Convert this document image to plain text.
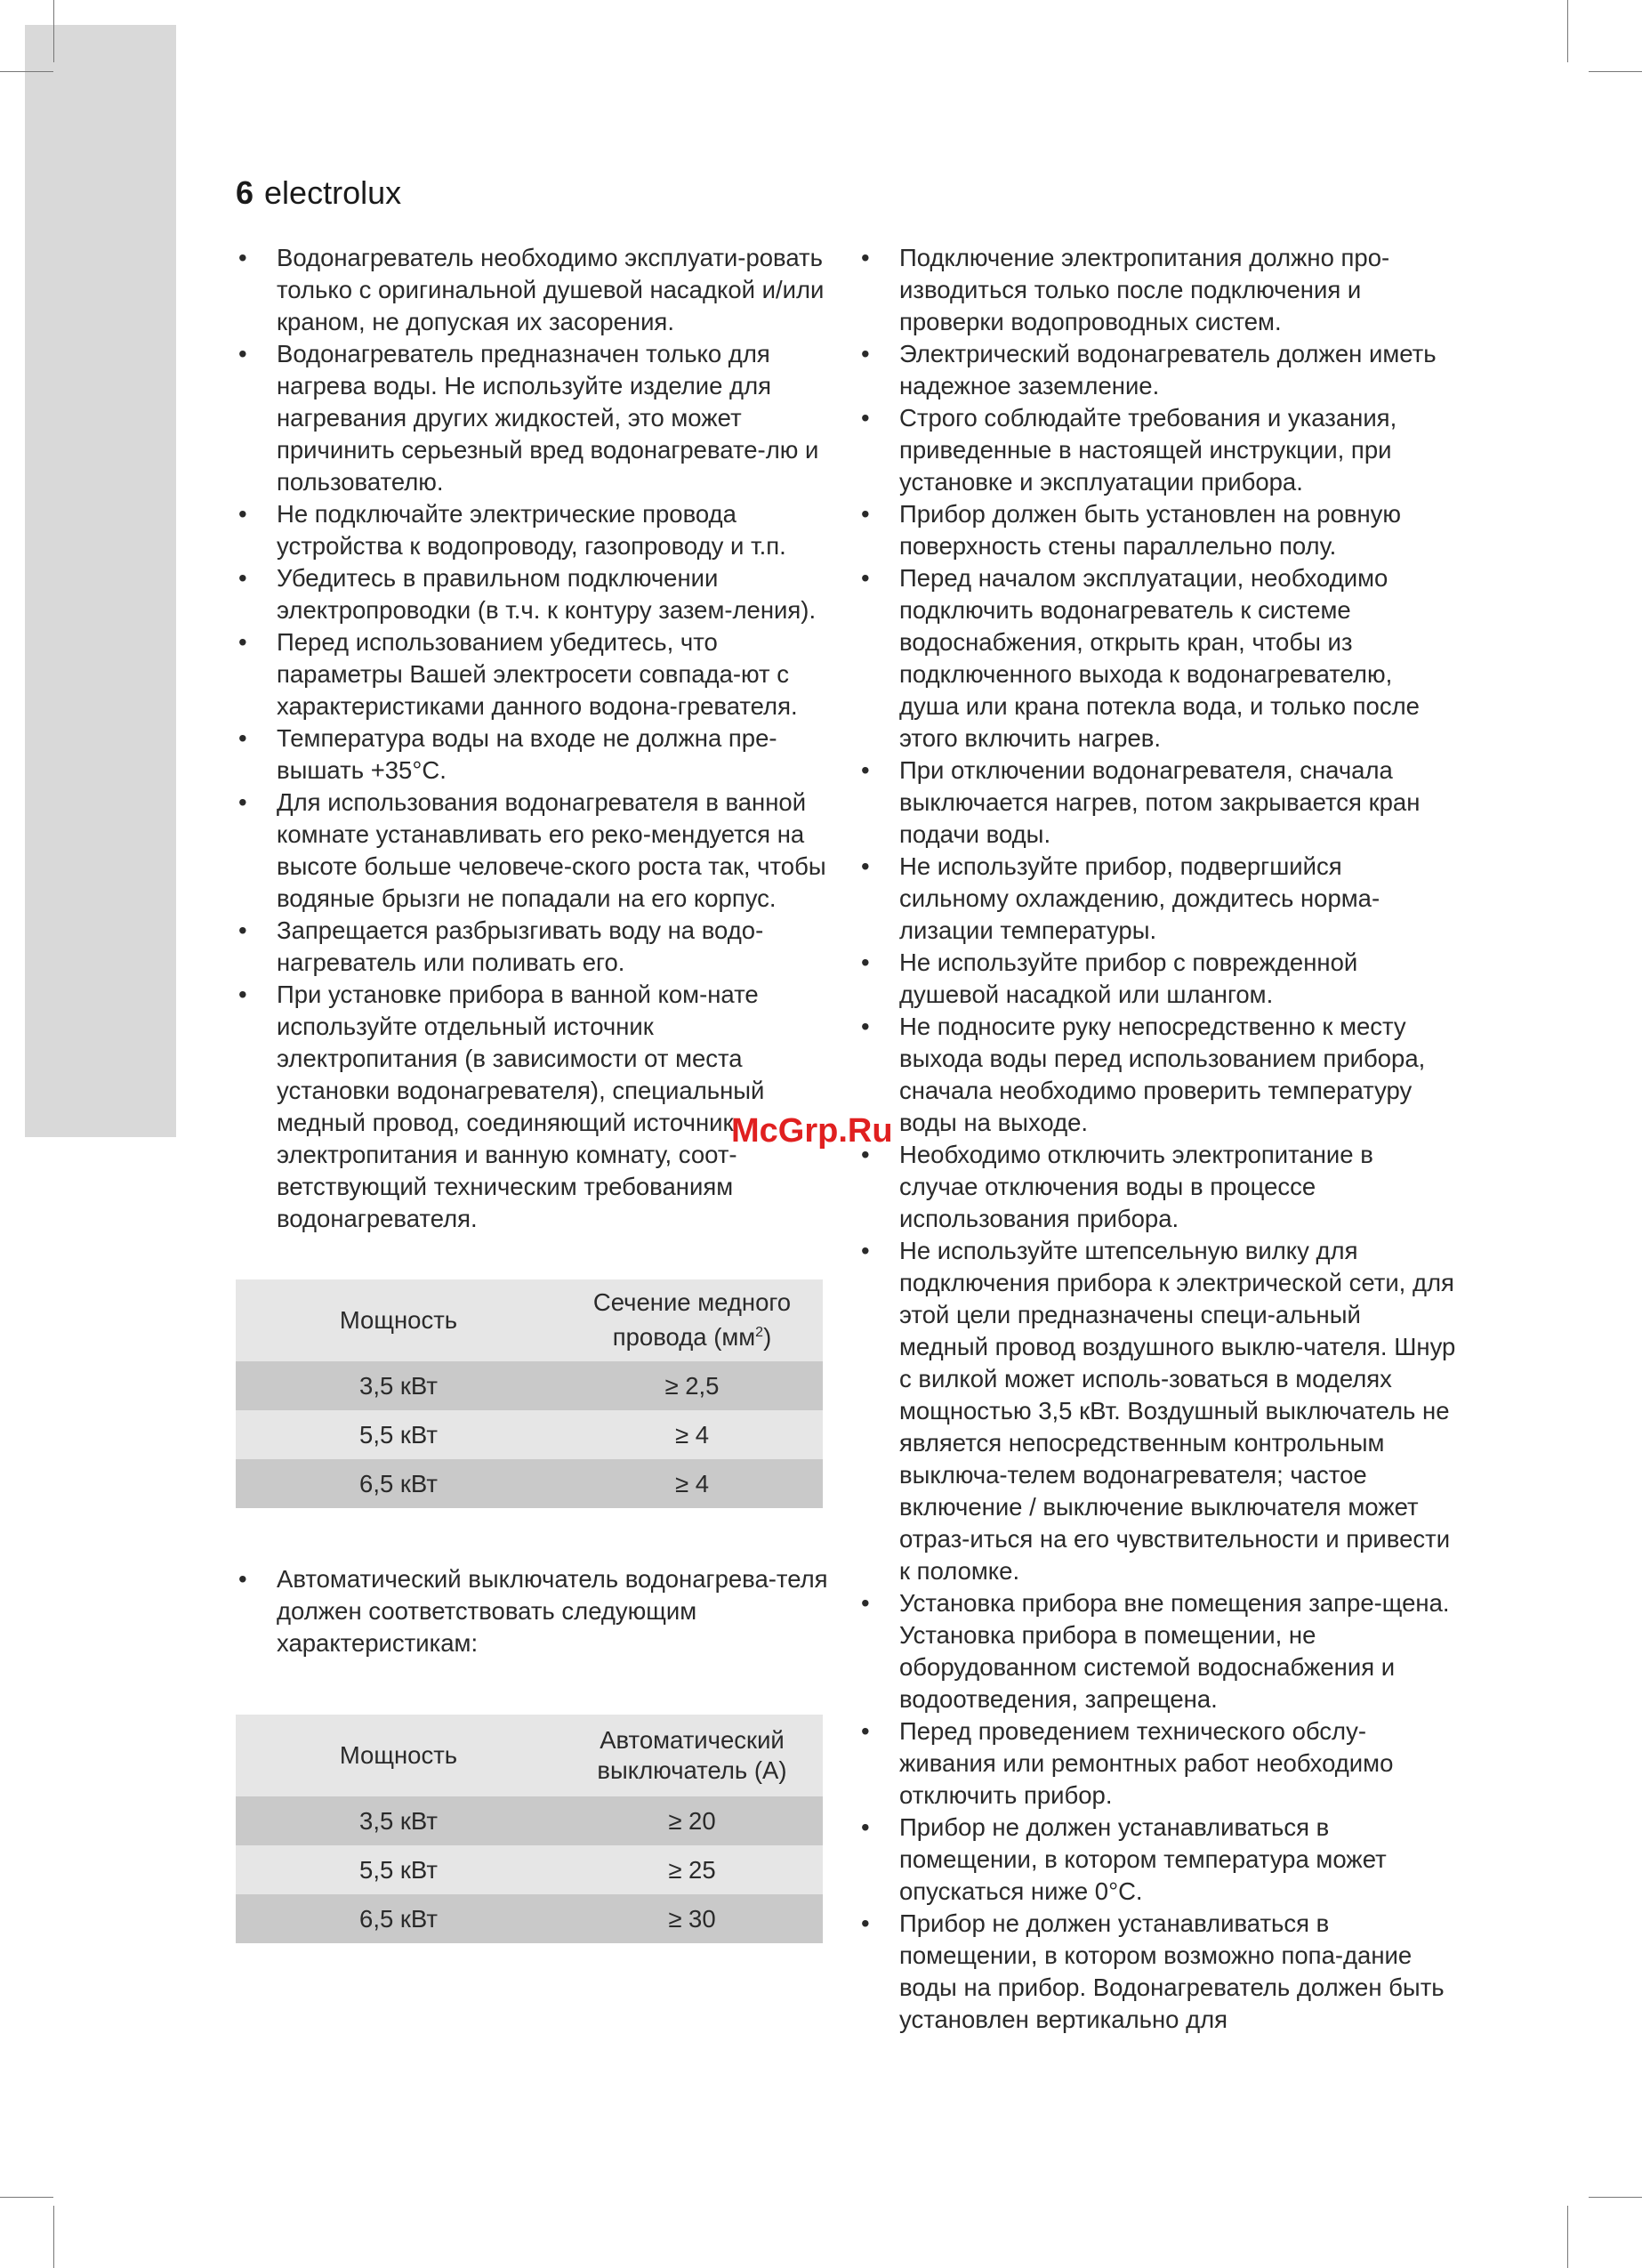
6 electrolux
• Водонагреватель необходимо эксплуати-ровать только с оригинальной душевой насадкой и/или краном, не допуская их засорения.
• Водонагреватель предназначен только для нагрева воды. Не используйте изделие для нагревания других жидкостей, это может причинить серьезный вред водонагревате-лю и пользователю.
• Не подключайте электрические провода устройства к водопроводу, газопроводу и т.п.
• Убедитесь в правильном подключении электропроводки (в т.ч. к контуру зазем-ления).
• Перед использованием убедитесь, что параметры Вашей электросети совпада-ют с характеристиками данного водона-гревателя.
• Температура воды на входе не должна пре-вышать +35°С.
• Для использования водонагревателя в ванной комнате устанавливать его реко-мендуется на высоте больше человече-ского роста так, чтобы водяные брызги не попадали на его корпус.
• Запрещается разбрызгивать воду на водо-нагреватель или поливать его.
• При установке прибора в ванной ком-нате используйте отдельный источник электропитания (в зависимости от места установки водонагревателя), специальный медный провод, соединяющий источник электропитания и ванную комнату, соот-ветствующий техническим требованиям водонагревателя.
Мощность	Сечение медного провода $(мм^2)$
3,5 кВт	≥ 2,5
5,5 кВт	≥ 4
6,5 кВт	≥ 4
• Автоматический выключатель водонагрева-теля должен соответствовать следующим характеристикам:
Мощность	Автоматический выключатель (А)
3,5 кВт	≥ 20
5,5 кВт	≥ 25
6,5 кВт	≥ 30
• Подключение электропитания должно про-изводиться только после подключения и проверки водопроводных систем.
• Электрический водонагреватель должен иметь надежное заземление.
• Строго соблюдайте требования и указания, приведенные в настоящей инструкции, при установке и эксплуатации прибора.
• Прибор должен быть установлен на ровную поверхность стены параллельно полу.
• Перед началом эксплуатации, необходимо подключить водонагреватель к системе водоснабжения, открыть кран, чтобы из подключенного выхода к водонагревателю, душа или крана потекла вода, и только после этого включить нагрев.
• При отключении водонагревателя, сначала выключается нагрев, потом закрывается кран подачи воды.
• Не используйте прибор, подвергшийся сильному охлаждению, дождитесь норма-лизации температуры.
• Не используйте прибор с поврежденной душевой насадкой или шлангом.
• Не подносите руку непосредственно к месту выхода воды перед использованием прибора, сначала необходимо проверить температуру воды на выходе.
• Необходимо отключить электропитание в случае отключения воды в процессе использования прибора.
• Не используйте штепсельную вилку для подключения прибора к электрической сети, для этой цели предназначены специ-альный медный провод воздушного выклю-чателя. Шнур с вилкой может исполь-зоваться в моделях мощностью 3,5 кВт. Воздушный выключатель не является непосредственным контрольным выключа-телем водонагревателя; частое включение / выключение выключателя может отраз-иться на его чувствительности и привести к поломке.
• Установка прибора вне помещения запре-щена. Установка прибора в помещении, не оборудованном системой водоснабжения и водоотведения, запрещена.
• Перед проведением технического обслу-живания или ремонтных работ необходимо отключить прибор.
• Прибор не должен устанавливаться в помещении, в котором температура может опускаться ниже 0°С.
• Прибор не должен устанавливаться в помещении, в котором возможно попа-дание воды на прибор. Водонагреватель должен быть установлен вертикально для
McGrp.Ru
